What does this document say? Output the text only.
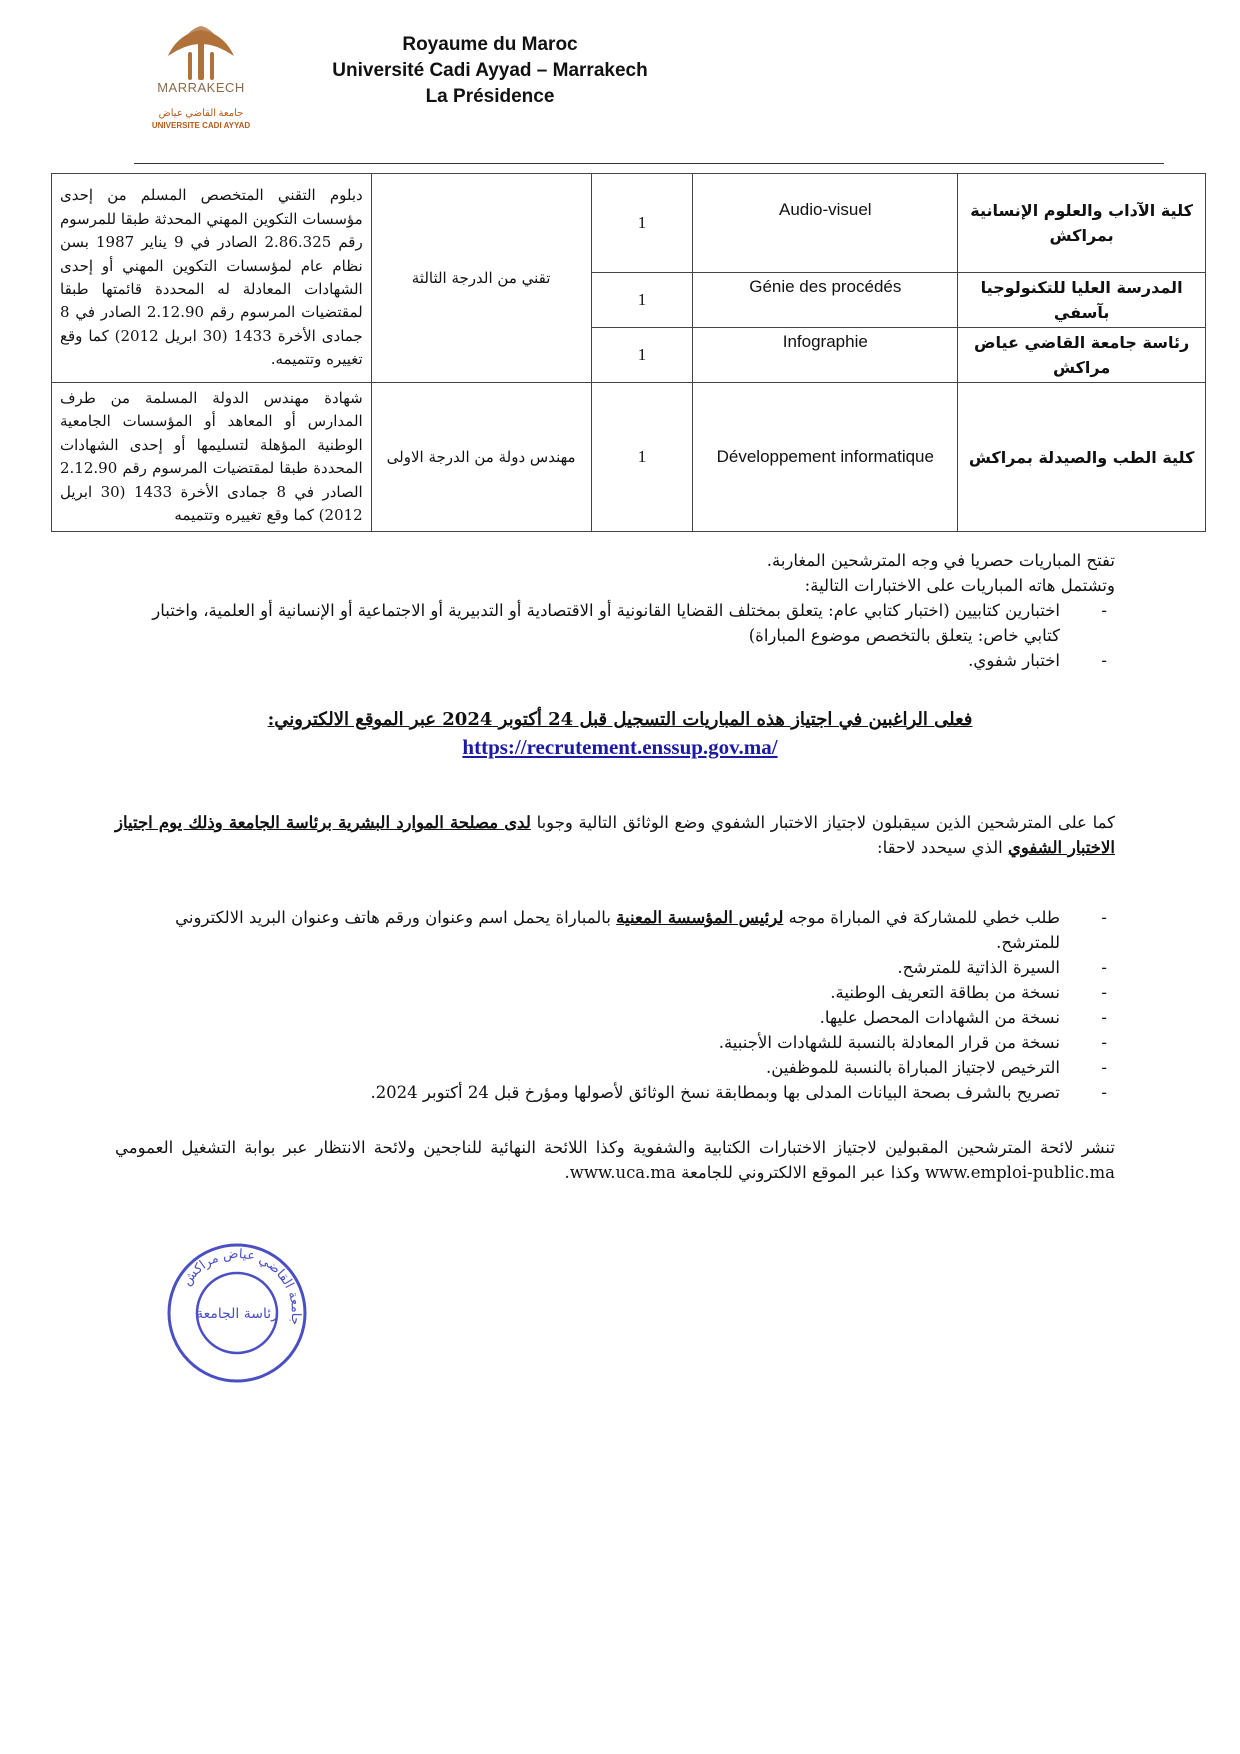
MARRAKECH
جامعة القاضي عياض
UNIVERSITE CADI AYYAD
Royaume du Maroc
Université Cadi Ayyad – Marrakech
La Présidence
كلية الآداب والعلوم الإنسانية بمراكش	Audio-visuel	1	تقني من الدرجة الثالثة	دبلوم التقني المتخصص المسلم من إحدى مؤسسات التكوين المهني المحدثة طبقا للمرسوم رقم 2.86.325 الصادر في 9 يناير 1987 بسن نظام عام لمؤسسات التكوين المهني أو إحدى الشهادات المعادلة له المحددة قائمتها طبقا لمقتضيات المرسوم رقم 2.12.90 الصادر في 8 جمادى الأخرة 1433 (30 ابريل 2012) كما وقع تغييره وتتميمه.
المدرسة العليا للتكنولوجيا بآسفي	Génie des procédés	1		
رئاسة جامعة القاضي عياض مراكش	Infographie	1		
كلية الطب والصيدلة بمراكش	Développement informatique	1	مهندس دولة من الدرجة الاولى	شهادة مهندس الدولة المسلمة من طرف المدارس أو المعاهد أو المؤسسات الجامعية الوطنية المؤهلة لتسليمها أو إحدى الشهادات المحددة طبقا لمقتضيات المرسوم رقم 2.12.90 الصادر في 8 جمادى الأخرة 1433 (30 ابريل 2012) كما وقع تغييره وتتميمه
تفتح المباريات حصريا في وجه المترشحين المغاربة.
وتشتمل هاته المباريات على الاختبارات التالية:
- اختبارين كتابيين (اختبار كتابي عام: يتعلق بمختلف القضايا القانونية أو الاقتصادية أو التدبيرية أو الاجتماعية أو الإنسانية أو العلمية، واختبار كتابي خاص: يتعلق بالتخصص موضوع المباراة)
- اختبار شفوي.
فعلى الراغبين في اجتياز هذه المباريات التسجيل قبل 24 أكتوبر 2024 عبر الموقع الالكتروني:
https://recrutement.enssup.gov.ma/
كما على المترشحين الذين سيقبلون لاجتياز الاختبار الشفوي وضع الوثائق التالية وجوبا لدى مصلحة الموارد البشرية برئاسة الجامعة وذلك يوم اجتياز الاختبار الشفوي الذي سيحدد لاحقا:
- طلب خطي للمشاركة في المباراة موجه لرئيس المؤسسة المعنية بالمباراة يحمل اسم وعنوان ورقم هاتف وعنوان البريد الالكتروني للمترشح.
- السيرة الذاتية للمترشح.
- نسخة من بطاقة التعريف الوطنية.
- نسخة من الشهادات المحصل عليها.
- نسخة من قرار المعادلة بالنسبة للشهادات الأجنبية.
- الترخيص لاجتياز المباراة بالنسبة للموظفين.
- تصريح بالشرف بصحة البيانات المدلى بها وبمطابقة نسخ الوثائق لأصولها ومؤرخ قبل 24 أكتوبر 2024.
تنشر لائحة المترشحين المقبولين لاجتياز الاختبارات الكتابية والشفوية وكذا اللائحة النهائية للناجحين ولائحة الانتظار عبر بوابة التشغيل العمومي www.emploi-public.ma وكذا عبر الموقع الالكتروني للجامعة www.uca.ma.
جامعة القاضي عياض مراكش
رئاسة الجامعة
